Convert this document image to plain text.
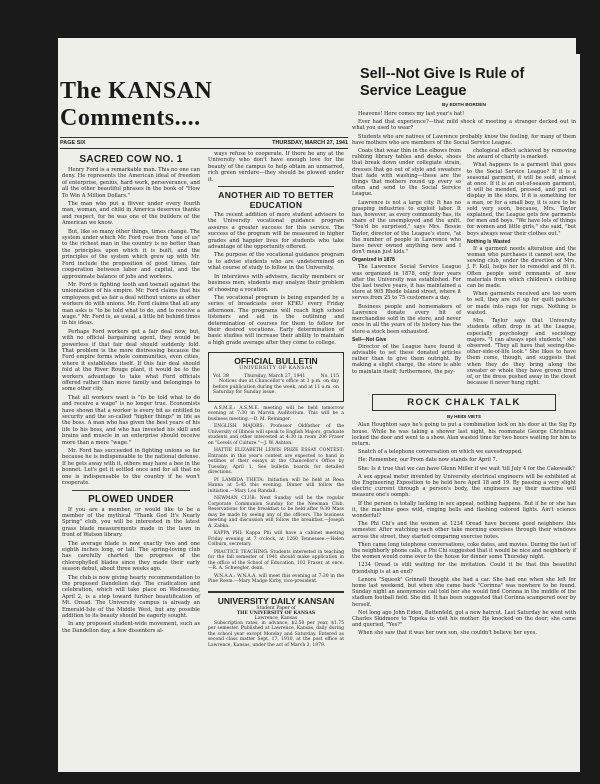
The KANSAN Comments....
PAGE SIX	THURSDAY, MARCH 27, 1941
SACRED COW NO. 1

Henry Ford is a remarkable man. This no one can deny. He represents the American ideal of freedom of enterprise, genius, hard work, perseverance, and all the other beautiful phrases in the book of "How To Win A Million Dollars."

The man who put a flivver under every fourth man, woman, and child in America deserves thanks and respect, for he was one of the builders of the American we know.

But, like so many other things, times change. The system under which Mr. Ford rose from "one of us" to the richest man in the country is no better than the principles upon which it is built, and the principles of the system which grew up with Mr. Ford include the proposition of good times, fair cooperation between labor and capital, and the approximate balance of jobs and workers.

Mr. Ford is fighting tooth and toenail against the unionization of his empire. Mr. Ford claims that his employees get as fair a deal without unions as other workers do with unions. Mr. Ford claims that all any man asks is "to be told what to do, and to receive a wage." Mr. Ford is, as usual, a little bit behind times in his ideas.

Perhaps Ford workers get a fair deal now, but, with no official bargaining agent, they would be powerless if that fair deal should suddenly fold. That problem is the more distressing because the Ford empire forms whole communities, even cities, where it establishes itself. If this fair deal should fold at the River Rouge plant, it would be to the workers advantage to take what Ford officials offered rather than move family and belongings to some other city.

That all workers want is "to be told what to do and receive a wage" is no longer true. Economists have shown that a worker is every bit as entitled to security and the so-called "higher things" in life as the boss. A man who has given the best years of his life to his boss, and who has invested his skill and brains and muscle in an enterprise should receive more than a mere "wage."

Mr. Ford has succeeded in fighting unions so far because he is indispensable to the national defense. If he gets away with it, others may have a bee in the bonnet. Let's get it settled once and for all that no one is indispensable to the country if he won't cooperate.

PLOWED UNDER

If you are a member, or would like to be a member of the mythical "Thank God It's Nearly Spring" club, you will be interested in the latest grass blade measurements made in the lawn in front of Watson library.

The average blade is now exactly two and one eighth inches long, or tall. The spring-loving club has carefully charted the progress of the chlorophylled blades since they made their early season debut, about three weeks ago.

The club is now giving hearty recommendation to the proposed Dandelion day. The cradication and celebration, which will take place on Wednesday, April 2, is a step toward further beautification of Mt. Oread. The University campus is already an Emerald-Isle of the Middle West, but any possible addition to its beauty should be eagerly sought.

In any proposed student-wide movement, such as the Dandelion day, a few dissenters al-

ways refuse to cooperate. If there be any at the University who don't have enough love for the beauty of the campus to help obtain an unmarred, rich green verdure—they should be plowed under it.

ANOTHER AID TO BETTER EDUCATION

The recent addition of more student advisers to the University vocational guidance program assures a greater success for this service. The success of the program will be measured in higher grades and happier lives for students who take advantage of the opportunity offered.

The purpose of the vocational guidance program is to advise students who are undetermined on what course of study to follow in the University.

In interviews with advisers, faculty members or business men, students may analyze their problem of choosing a vocation.

The vocational program is being expanded by a series of broadcasts over KFKU every Friday afternoon. The programs will reach high school listeners and aid in the outlining and determination of courses for them to follow for their desired vocations. Early determination of basic studies will increase their ability to maintain a high grade average after they come to college.

OFFICIAL BULLETIN
UNIVERSITY OF KANSAS
Vol. 38	Thursday, March 27, 1941	No. 115

Notices due at Chancellor's office at 3 p.m. on day before publication during the week, and at 11 a.m. on Saturday for Sunday issue.

A.S.M.E.: A.S.M.E. meeting will be held tomorrow evening at 7:30 in Marvin Auditorium. This will be a business meeting.—D. M. Reininger.

ENGLISH MAJORS: Professor Oldfather of the University of Illinois will speak to English Majors, graduate students and other interested at 4:30 in room 206 Fraser on "Levels of Culture."—J. W. Ashton.

HATTIE ELIZABETH LEWIS PRIZE ESSAY CONTEST: Entrants in this year's contest are expected to hand in outlines of their essays at the Chancellor's Office by Tuesday, April 1. See bulletin boards for detailed directions.

PI LAMBDA THETA: Initiation will be held at Rosa Hanna at 5:45 this evening. Dinner will follow the initiation.—Mary Lou Randall.

NEWMAN CLUB: Next Sunday will be the regular Corporate Communion Sunday for the Newman Club. Reservations for the breakfast to be held after 9:30 Mass may be made by seeing any of the officers. The business meeting and discussion will follow the breakfast.—Joseph A. Zabka.

KAPPA PHI: Kappa Phi will have a cabinet meeting Friday evening at 7 o'clock, at 1260 Tennessee.—Helen Colburn, secretary.

PRACTICE TEACHING: Students interested in teaching for the fall semester of 1941 should make application in the office of the School of Education, 103 Fraser, at once.—R. A. Schwegler, dean.

W.N.A.A.: W.N.A.A. will meet this evening at 7:30 in the Pine Room.—Mary Madge Kirby, vice-president.

UNIVERSITY DAILY KANSAN
Student Paper of
THE UNIVERSITY OF KANSAS
Lawrence, Kansas

Subscription rates, in advance, $2.50 per year, $1.75 per semester. Published at Lawrence, Kansas, daily during the school year except Monday and Saturday. Entered as second class matter Sept. 17, 1910, at the post office at Lawrence, Kansas, under the act of March 3, 1879.

Sell--Not Give Is Rule of Service League
By EDITH BORDEN

Heavens! Here comes my last year's hat!

Ever had that experience?—that mild shock of meeting a stranger decked out in what you used to wear?

Students who are natives of Lawrence probably know the feeling, for many of them have mothers who are members of the Social Service League.

Coats that wear thin in the elbows from rubbing library tables and desks, shoes that break down under collegiate strain, dresses that go out of style and sweaters that fade with washing—these are the things that mothers round up every so often and send to the Social Service League.

Lawrence is not a large city. It has no grasping industries to exploit labor. It has, however, as every community has, its share of the unemployed and the unfit. "You'd be surprised," says Mrs. Bessie Taylor, director of the League's store, "at the number of people in Lawrence who have never owned anything new and I don't mean just kids."

Organized in 1878

The Lawrence Social Service League was organized in 1878, only four years after the University was established. For the last twelve years, it has maintained a store at 905 Rhode Island street, where it serves from 25 to 75 customers a day.

Business people and homemakers of Lawrence donate every bit of merchandise sold in the store, and never once in all the years of its history has the store-a stock been exhausted.

Sell—Not Give

Director of the League have found it advisable to set these donated articles rather than to give them outright. By making a slight charge, the store is able to maintain itself; furthermore, the psy-

chological effect achieved by removing the award of charity is marked.

What happens to a garment that goes to the Social Service League? If it is a seasonal garment, it will be sold, almost at once. If it is an out-of-season garment, it will be mended, pressed, and put on display in the store. If it is something for a man, or for a small boy, it is sure to be sold very soon, because, Mrs. Taylor explained, the League gets few garments for men and boys. "We have lots of things for women and little girls," she said, "but boys always wear their clothes out."

Nothing Is Wasted

If a garment needs alteration and the woman who purchases it cannot sew, the sewing club, under the direction of Mrs. J. F. Kell, helps her to remodel and fit it. Often people send remnants of new materials from which children's clothing can be made.

When garments received are too worn to sell, they are cut up for quilt patches or made into rags for rugs. Nothing is wasted.

Mrs. Taylor says that University students often drop in at the League, especially psychology and sociology majors. "I can always spot students," she observed. "They all have that seeing-the-other-side-of-life look." She likes to have them come, though, and suggests that when they do they bring along the sweater or whole they have grown tired of, or the dress pushed away in the closet because it never hung right.

ROCK CHALK TALK
By HEIDI VIETS

Alan Houghton says he's going to put a combination lock on his door at the Sig Ep house. While he was taking a shower last night, his roommate George Christmas locked the door and went to a show. Alan wasted time for two hours waiting for him to return.

Snatch of a telephone conversation on which we eavesdropped.

He: Remember, our Prom date now stands for April 7.

She: Is it true that we can have Glenn Miller if we wait 'till July 4 for the Cakewalk?

A sex appeal meter invented by University electrical engineers will be exhibited at the Engineering Exposition to be held here April 18 and 19. By passing a very slight electric current through a person's body, the engineers say their machine will measure one's oomph.

If the person is totally lacking in sex appeal, nothing happens. But if he or she has it, the machine goes wild, ringing bells and flashing colored lights. Ain't science wonderful?

The Phi Chi's and the women at 1234 Oread have become good neighbors this semester. After watching each other take morning exercises through their windows across the street, they started comparing exercise notes.

Then came long telephone conversations, coke dates, and movies. During the last of the neighborly phone calls, a Phi Chi suggested that it would be nice and neighborly if the women would come over to the house for dinner some Thursday night.

1234 Oread is still waiting for the invitation. Could it be that this beautiful friendship is at an end?

Lenora "Squeek" Grinnell thought she had a car. She had one when she left for home last weekend, but when she came back "Corinna" was nowhere to be found. Sunday night an anonymous call told her she would find Corinna in the middle of the stadium football field. She did. It has been suggested that Corinna scampered over by herself.

Not long ago John Eiden, Battenfeld, got a new haircut. Last Saturday he went with Charles Skidmore to Topeka to visit his mother. He knocked on the door; she came and queried, "Yes?"

When she saw that it was her own son, she couldn't believe her eyes.
